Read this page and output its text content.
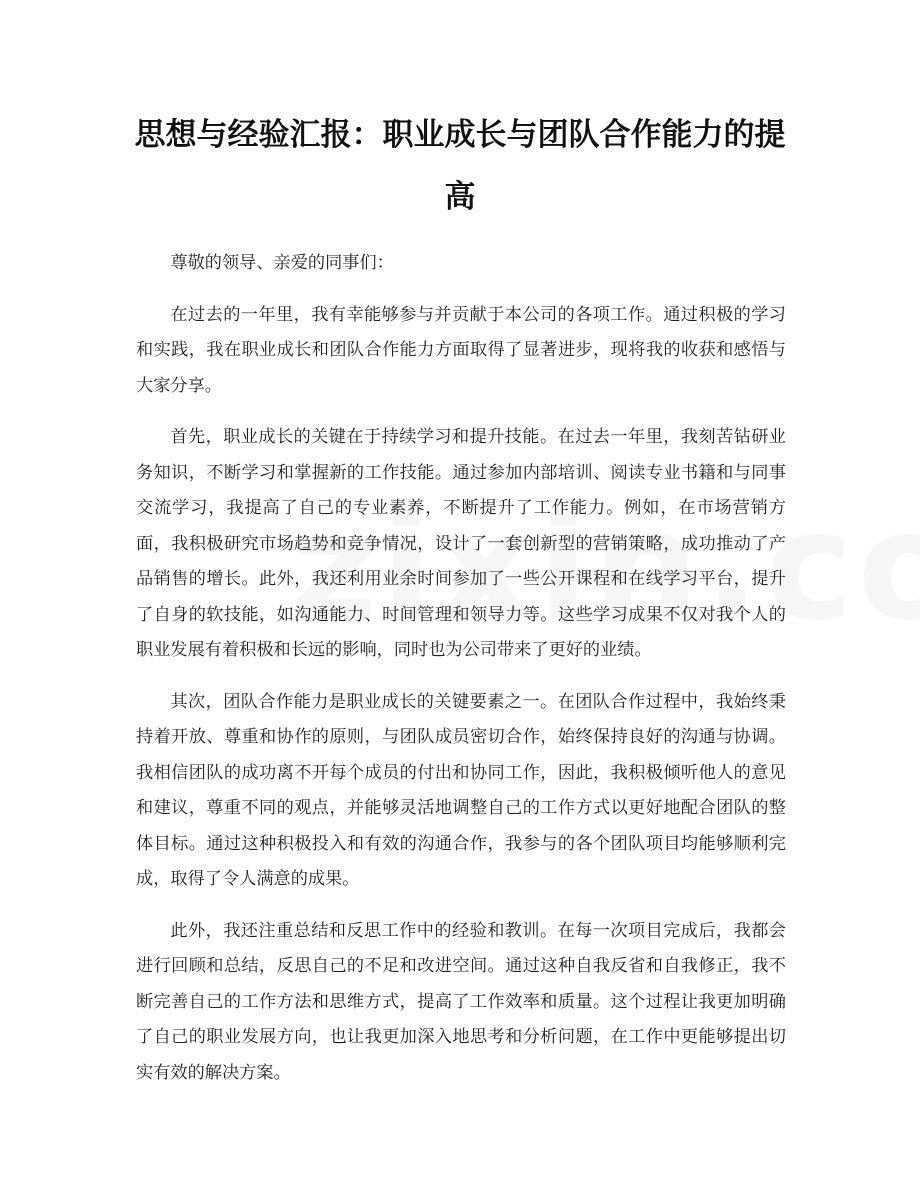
思想与经验汇报：职业成长与团队合作能力的提高

尊敬的领导、亲爱的同事们：

在过去的一年里，我有幸能够参与并贡献于本公司的各项工作。通过积极的学习和实践，我在职业成长和团队合作能力方面取得了显著进步，现将我的收获和感悟与大家分享。

首先，职业成长的关键在于持续学习和提升技能。在过去一年里，我刻苦钻研业务知识，不断学习和掌握新的工作技能。通过参加内部培训、阅读专业书籍和与同事交流学习，我提高了自己的专业素养，不断提升了工作能力。例如，在市场营销方面，我积极研究市场趋势和竞争情况，设计了一套创新型的营销策略，成功推动了产品销售的增长。此外，我还利用业余时间参加了一些公开课程和在线学习平台，提升了自身的软技能，如沟通能力、时间管理和领导力等。这些学习成果不仅对我个人的职业发展有着积极和长远的影响，同时也为公司带来了更好的业绩。

其次，团队合作能力是职业成长的关键要素之一。在团队合作过程中，我始终秉持着开放、尊重和协作的原则，与团队成员密切合作，始终保持良好的沟通与协调。我相信团队的成功离不开每个成员的付出和协同工作，因此，我积极倾听他人的意见和建议，尊重不同的观点，并能够灵活地调整自己的工作方式以更好地配合团队的整体目标。通过这种积极投入和有效的沟通合作，我参与的各个团队项目均能够顺利完成，取得了令人满意的成果。

此外，我还注重总结和反思工作中的经验和教训。在每一次项目完成后，我都会进行回顾和总结，反思自己的不足和改进空间。通过这种自我反省和自我修正，我不断完善自己的工作方法和思维方式，提高了工作效率和质量。这个过程让我更加明确了自己的职业发展方向，也让我更加深入地思考和分析问题，在工作中更能够提出切实有效的解决方案。
